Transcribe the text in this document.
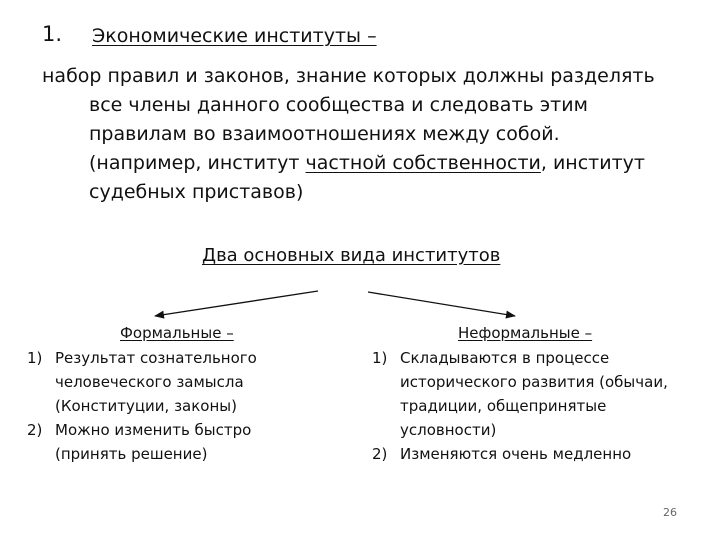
1. Экономические институты –
набор правил и законов, знание которых должны разделять
все члены данного сообщества и следовать этим
правилам во взаимоотношениях между собой.
(например, институт частной собственности, институт
судебных приставов)
Два основных вида институтов
Формальные –
1) Результат сознательного человеческого замысла (Конституции, законы)
2) Можно изменить быстро (принять решение)
Неформальные –
1) Складываются в процессе исторического развития (обычаи, традиции, общепринятые условности)
2) Изменяются очень медленно
26
